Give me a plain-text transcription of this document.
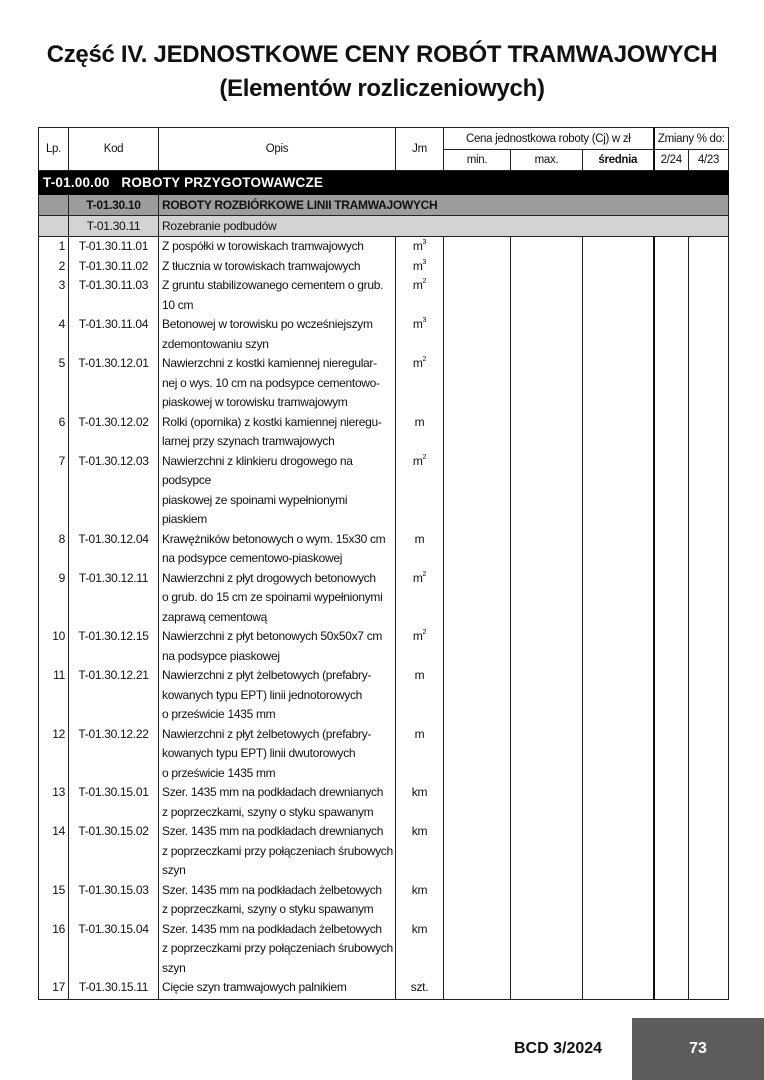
Część IV. JEDNOSTKOWE CENY ROBÓT TRAMWAJOWYCH
(Elementów rozliczeniowych)
Lp.	Kod	Opis	Jm	Cena jednostkowa roboty (Cj) w zł			Zmiany % do:	
				min.	max.	średnia	2/24	4/23
T-01.00.00 ROBOTY PRZYGOTOWAWCZE								
	T-01.30.10	ROBOTY ROZBIÓRKOWE LINII TRAMWAJOWYCH						
	T-01.30.11	Rozebranie podbudów						
1	T-01.30.11.01	Z pospółki w torowiskach tramwajowych	$m^3$					
2	T-01.30.11.02	Z tłucznia w torowiskach tramwajowych	$m^3$					
3	T-01.30.11.03	Z gruntu stabilizowanego cementem o grub.
10 cm	$m^2$					
4	T-01.30.11.04	Betonowej w torowisku po wcześniejszym
zdemontowaniu szyn	$m^3$					
5	T-01.30.12.01	Nawierzchni z kostki kamiennej nieregular-
nej o wys. 10 cm na podsypce cementowo-
piaskowej w torowisku tramwajowym	$m^2$					
6	T-01.30.12.02	Rolki (opornika) z kostki kamiennej nieregu-
larnej przy szynach tramwajowych	m					
7	T-01.30.12.03	Nawierzchni z klinkieru drogowego na podsypce
piaskowej ze spoinami wypełnionymi piaskiem	$m^2$					
8	T-01.30.12.04	Krawężników betonowych o wym. 15x30 cm
na podsypce cementowo-piaskowej	m					
9	T-01.30.12.11	Nawierzchni z płyt drogowych betonowych
o grub. do 15 cm ze spoinami wypełnionymi
zaprawą cementową	$m^2$					
10	T-01.30.12.15	Nawierzchni z płyt betonowych 50x50x7 cm
na podsypce piaskowej	$m^2$					
11	T-01.30.12.21	Nawierzchni z płyt żelbetowych (prefabry-
kowanych typu EPT) linii jednotorowych
o prześwicie 1435 mm	m					
12	T-01.30.12.22	Nawierzchni z płyt żelbetowych (prefabry-
kowanych typu EPT) linii dwutorowych
o prześwicie 1435 mm	m					
13	T-01.30.15.01	Szer. 1435 mm na podkładach drewnianych
z poprzeczkami, szyny o styku spawanym	km					
14	T-01.30.15.02	Szer. 1435 mm na podkładach drewnianych
z poprzeczkami przy połączeniach śrubowych
szyn	km					
15	T-01.30.15.03	Szer. 1435 mm na podkładach żelbetowych
z poprzeczkami, szyny o styku spawanym	km					
16	T-01.30.15.04	Szer. 1435 mm na podkładach żelbetowych
z poprzeczkami przy połączeniach śrubowych
szyn	km					
17	T-01.30.15.11	Cięcie szyn tramwajowych palnikiem	szt.					
BCD 3/2024	73
